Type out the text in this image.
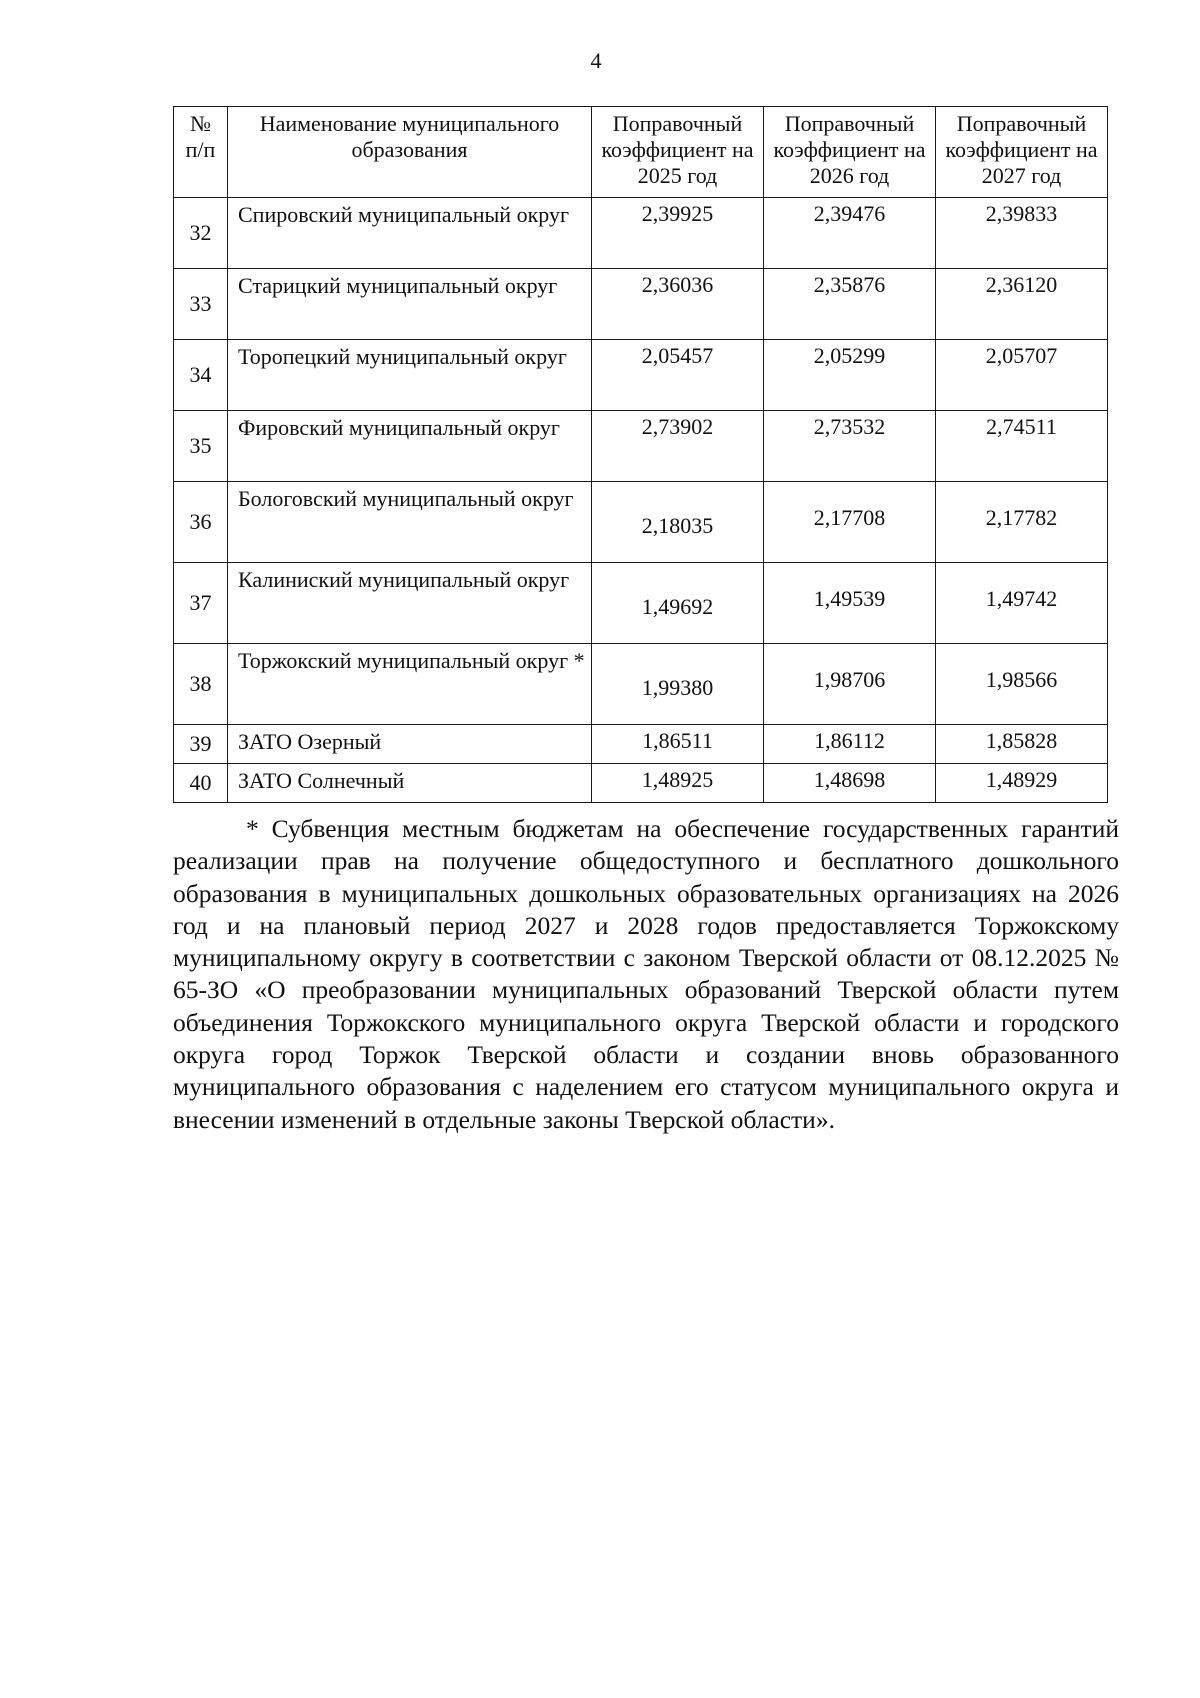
4
№ п/п	Наименование муниципального образования	Поправочный коэффициент на 2025 год	Поправочный коэффициент на 2026 год	Поправочный коэффициент на 2027 год
32	Спировский муниципальный округ	2,39925	2,39476	2,39833
33	Старицкий муниципальный округ	2,36036	2,35876	2,36120
34	Торопецкий муниципальный округ	2,05457	2,05299	2,05707
35	Фировский муниципальный округ	2,73902	2,73532	2,74511
36	Бологовский муниципальный округ	2,18035	2,17708	2,17782
37	Калиниский муниципальный округ	1,49692	1,49539	1,49742
38	Торжокский муниципальный округ *	1,99380	1,98706	1,98566
39	ЗАТО Озерный	1,86511	1,86112	1,85828
40	ЗАТО Солнечный	1,48925	1,48698	1,48929

* Субвенция местным бюджетам на обеспечение государственных гарантий реализации прав на получение общедоступного и бесплатного дошкольного образования в муниципальных дошкольных образовательных организациях на 2026 год и на плановый период 2027 и 2028 годов предоставляется Торжокскому муниципальному округу в соответствии с законом Тверской области от 08.12.2025 № 65-ЗО «О преобразовании муниципальных образований Тверской области путем объединения Торжокского муниципального округа Тверской области и городского округа город Торжок Тверской области и создании вновь образованного муниципального образования с наделением его статусом муниципального округа и внесении изменений в отдельные законы Тверской области».
